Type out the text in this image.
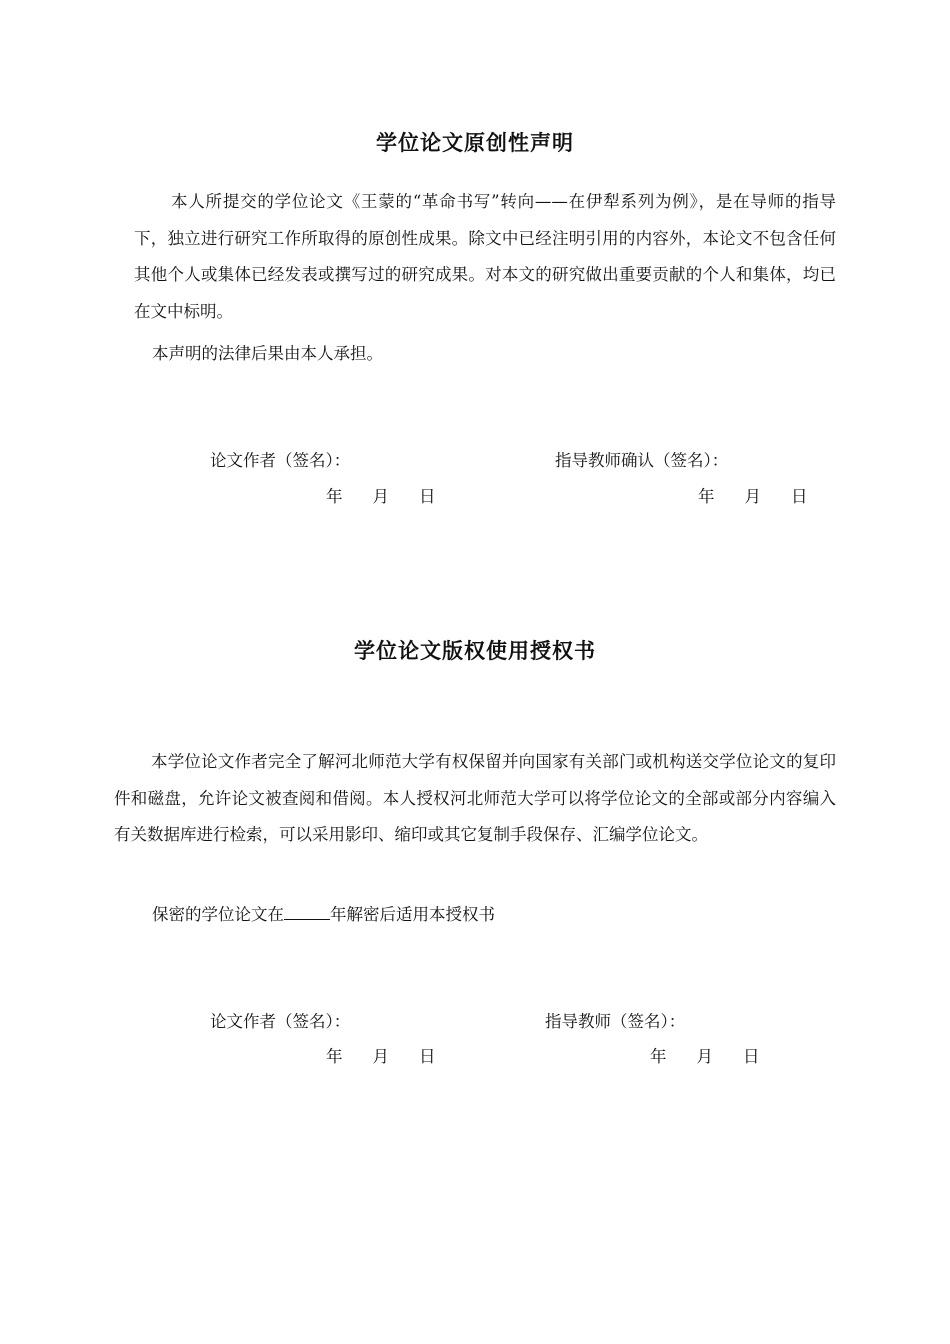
学位论文原创性声明

本人所提交的学位论文《王蒙的“革命书写”转向——在伊犁系列为例》，是在导师的指导下，独立进行研究工作所取得的原创性成果。除文中已经注明引用的内容外，本论文不包含任何其他个人或集体已经发表或撰写过的研究成果。对本文的研究做出重要贡献的个人和集体，均已在文中标明。

本声明的法律后果由本人承担。
论文作者（签名）：	指导教师确认（签名）：
年 月 日	年 月 日
学位论文版权使用授权书

本学位论文作者完全了解河北师范大学有权保留并向国家有关部门或机构送交学位论文的复印件和磁盘，允许论文被查阅和借阅。本人授权河北师范大学可以将学位论文的全部或部分内容编入有关数据库进行检索，可以采用影印、缩印或其它复制手段保存、汇编学位论文。

保密的学位论文在	年解密后适用本授权书
论文作者（签名）：	指导教师（签名）：
年 月 日	年 月 日
